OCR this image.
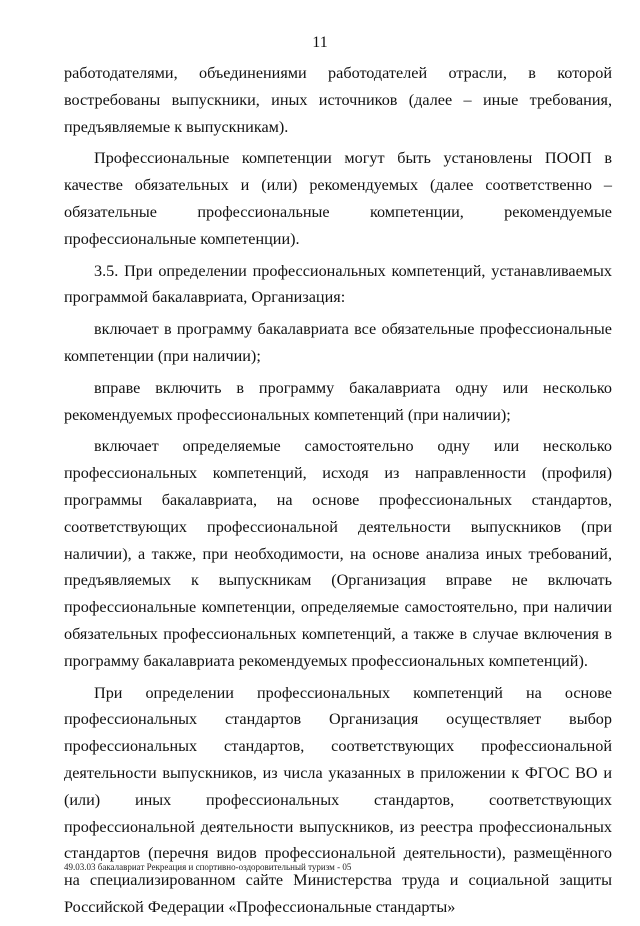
11

работодателями, объединениями работодателей отрасли, в которой востребованы выпускники, иных источников (далее – иные требования, предъявляемые к выпускникам).

Профессиональные компетенции могут быть установлены ПООП в качестве обязательных и (или) рекомендуемых (далее соответственно – обязательные профессиональные компетенции, рекомендуемые профессиональные компетенции).

3.5. При определении профессиональных компетенций, устанавливаемых программой бакалавриата, Организация:

включает в программу бакалавриата все обязательные профессиональные компетенции (при наличии);

вправе включить в программу бакалавриата одну или несколько рекомендуемых профессиональных компетенций (при наличии);

включает определяемые самостоятельно одну или несколько профессиональных компетенций, исходя из направленности (профиля) программы бакалавриата, на основе профессиональных стандартов, соответствующих профессиональной деятельности выпускников (при наличии), а также, при необходимости, на основе анализа иных требований, предъявляемых к выпускникам (Организация вправе не включать профессиональные компетенции, определяемые самостоятельно, при наличии обязательных профессиональных компетенций, а также в случае включения в программу бакалавриата рекомендуемых профессиональных компетенций).

При определении профессиональных компетенций на основе профессиональных стандартов Организация осуществляет выбор профессиональных стандартов, соответствующих профессиональной деятельности выпускников, из числа указанных в приложении к ФГОС ВО и (или) иных профессиональных стандартов, соответствующих профессиональной деятельности выпускников, из реестра профессиональных стандартов (перечня видов профессиональной деятельности), размещённого на специализированном сайте Министерства труда и социальной защиты Российской Федерации «Профессиональные стандарты»

49.03.03 бакалавриат Рекреация и спортивно-оздоровительный туризм - 05
